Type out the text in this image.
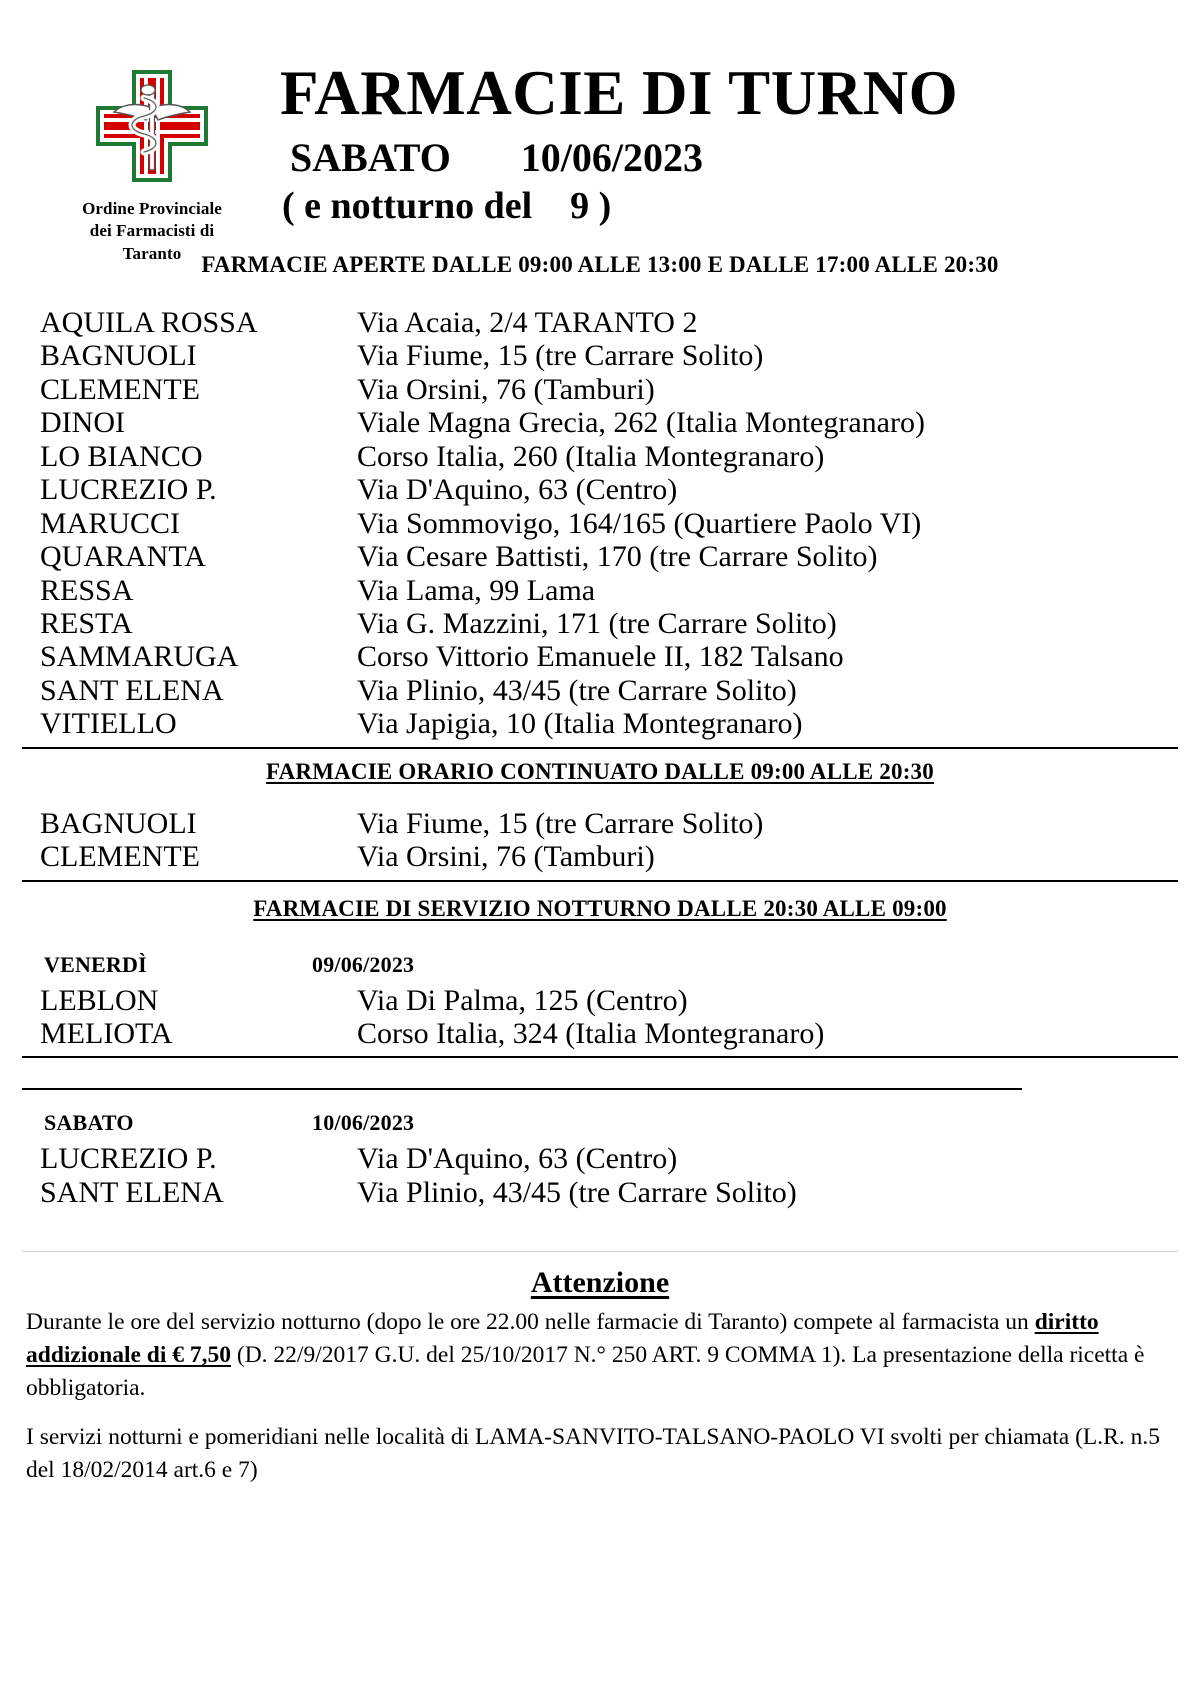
Ordine Provinciale
dei Farmacisti di
Taranto
FARMACIE DI TURNO
SABATO       10/06/2023
( e notturno del    9 )
FARMACIE APERTE DALLE 09:00 ALLE 13:00 E DALLE 17:00 ALLE 20:30
AQUILA ROSSA	Via Acaia, 2/4 TARANTO 2
BAGNUOLI	Via Fiume, 15 (tre Carrare Solito)
CLEMENTE	Via Orsini, 76 (Tamburi)
DINOI	Viale Magna Grecia, 262 (Italia Montegranaro)
LO BIANCO	Corso Italia, 260 (Italia Montegranaro)
LUCREZIO P.	Via D'Aquino, 63 (Centro)
MARUCCI	Via Sommovigo, 164/165 (Quartiere Paolo VI)
QUARANTA	Via Cesare Battisti, 170 (tre Carrare Solito)
RESSA	Via Lama, 99 Lama
RESTA	Via G. Mazzini, 171 (tre Carrare Solito)
SAMMARUGA	Corso Vittorio Emanuele II, 182 Talsano
SANT ELENA	Via Plinio, 43/45 (tre Carrare Solito)
VITIELLO	Via Japigia, 10 (Italia Montegranaro)
FARMACIE ORARIO CONTINUATO DALLE 09:00 ALLE 20:30
BAGNUOLI	Via Fiume, 15 (tre Carrare Solito)
CLEMENTE	Via Orsini, 76 (Tamburi)
FARMACIE DI SERVIZIO NOTTURNO DALLE 20:30 ALLE 09:00
VENERDÌ	09/06/2023
LEBLON	Via Di Palma, 125 (Centro)
MELIOTA	Corso Italia, 324 (Italia Montegranaro)
SABATO	10/06/2023
LUCREZIO P.	Via D'Aquino, 63 (Centro)
SANT ELENA	Via Plinio, 43/45 (tre Carrare Solito)
Attenzione

Durante le ore del servizio notturno (dopo le ore 22.00 nelle farmacie di Taranto) compete al farmacista un diritto addizionale di € 7,50 (D. 22/9/2017 G.U. del 25/10/2017 N.° 250 ART. 9 COMMA 1). La presentazione della ricetta è obbligatoria.

I servizi notturni e pomeridiani nelle località di LAMA-SANVITO-TALSANO-PAOLO VI svolti per chiamata (L.R. n.5 del 18/02/2014 art.6 e 7)
